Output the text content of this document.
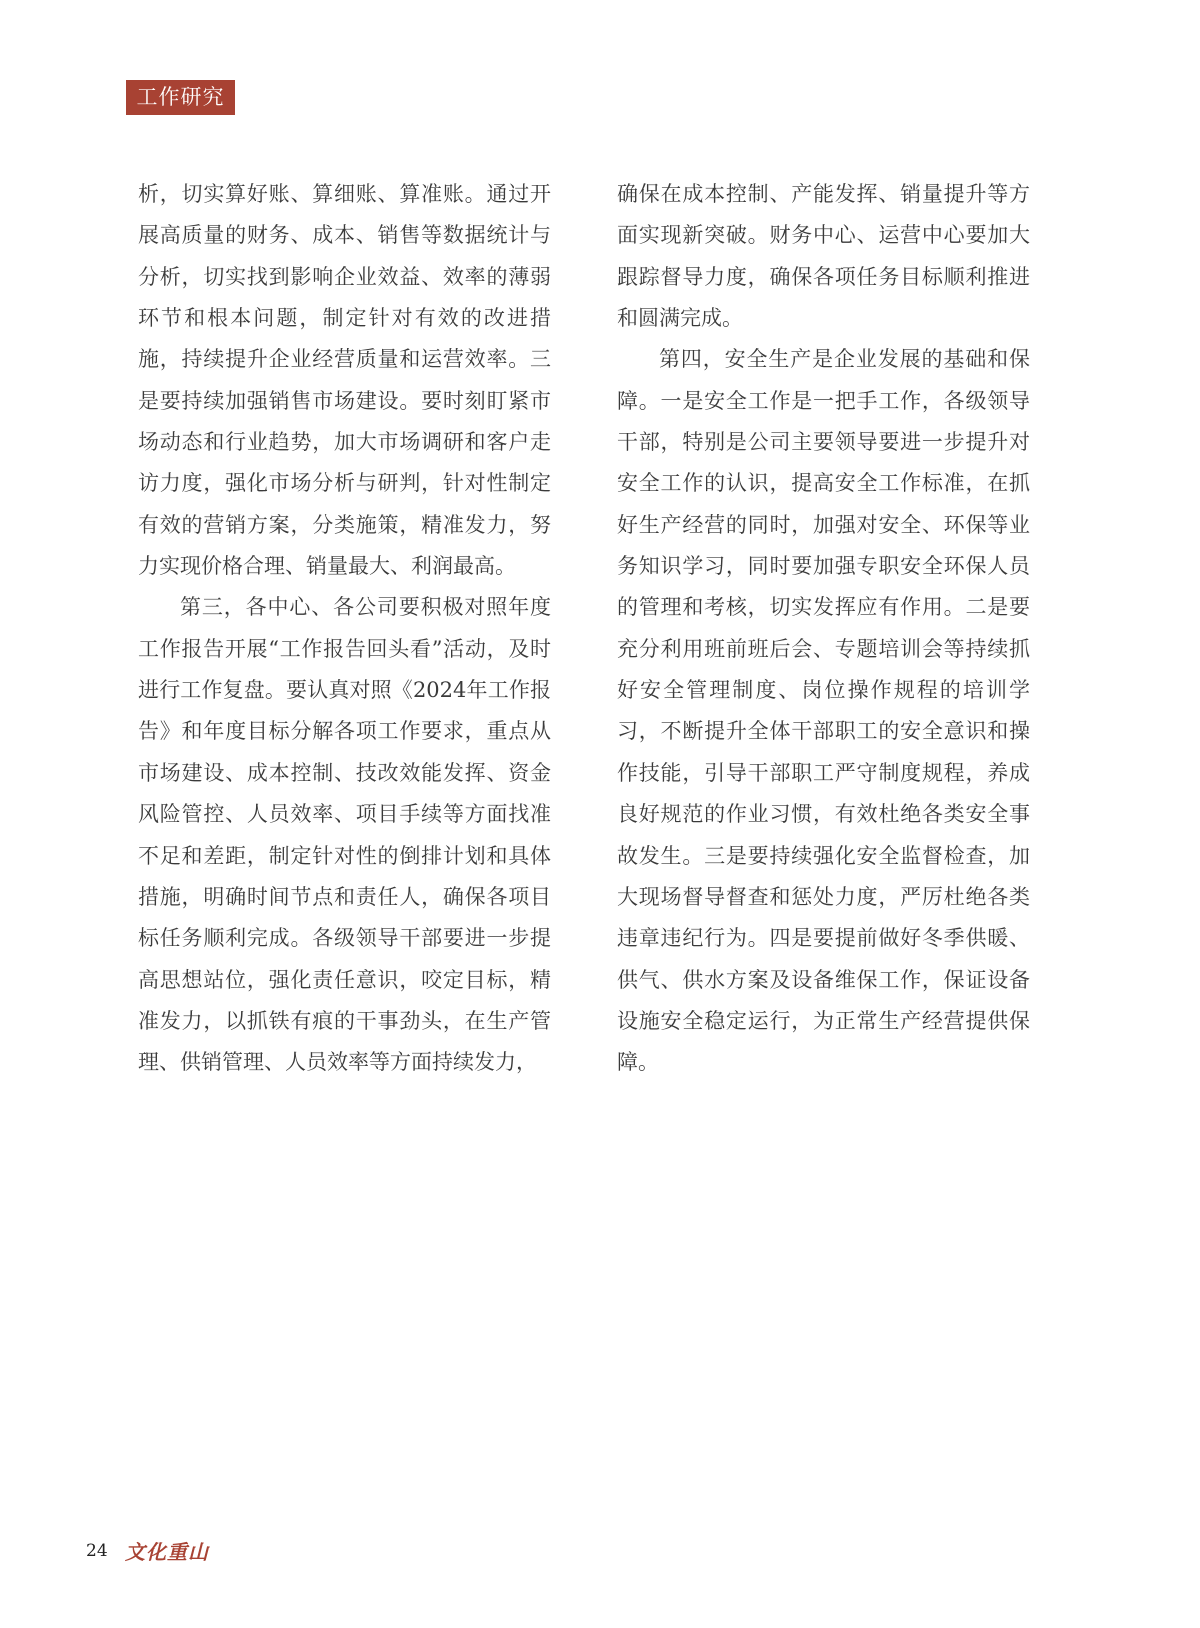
工作研究

析，切实算好账、算细账、算准账。通过开展高质量的财务、成本、销售等数据统计与分析，切实找到影响企业效益、效率的薄弱环节和根本问题，制定针对有效的改进措施，持续提升企业经营质量和运营效率。三是要持续加强销售市场建设。要时刻盯紧市场动态和行业趋势，加大市场调研和客户走访力度，强化市场分析与研判，针对性制定有效的营销方案，分类施策，精准发力，努力实现价格合理、销量最大、利润最高。

第三，各中心、各公司要积极对照年度工作报告开展“工作报告回头看”活动，及时进行工作复盘。要认真对照《2024年工作报告》和年度目标分解各项工作要求，重点从市场建设、成本控制、技改效能发挥、资金风险管控、人员效率、项目手续等方面找准不足和差距，制定针对性的倒排计划和具体措施，明确时间节点和责任人，确保各项目标任务顺利完成。各级领导干部要进一步提高思想站位，强化责任意识，咬定目标，精准发力，以抓铁有痕的干事劲头，在生产管理、供销管理、人员效率等方面持续发力，

确保在成本控制、产能发挥、销量提升等方面实现新突破。财务中心、运营中心要加大跟踪督导力度，确保各项任务目标顺利推进和圆满完成。

第四，安全生产是企业发展的基础和保障。一是安全工作是一把手工作，各级领导干部，特别是公司主要领导要进一步提升对安全工作的认识，提高安全工作标准，在抓好生产经营的同时，加强对安全、环保等业务知识学习，同时要加强专职安全环保人员的管理和考核，切实发挥应有作用。二是要充分利用班前班后会、专题培训会等持续抓好安全管理制度、岗位操作规程的培训学习，不断提升全体干部职工的安全意识和操作技能，引导干部职工严守制度规程，养成良好规范的作业习惯，有效杜绝各类安全事故发生。三是要持续强化安全监督检查，加大现场督导督查和惩处力度，严厉杜绝各类违章违纪行为。四是要提前做好冬季供暖、供气、供水方案及设备维保工作，保证设备设施安全稳定运行，为正常生产经营提供保障。

24 文化重山
